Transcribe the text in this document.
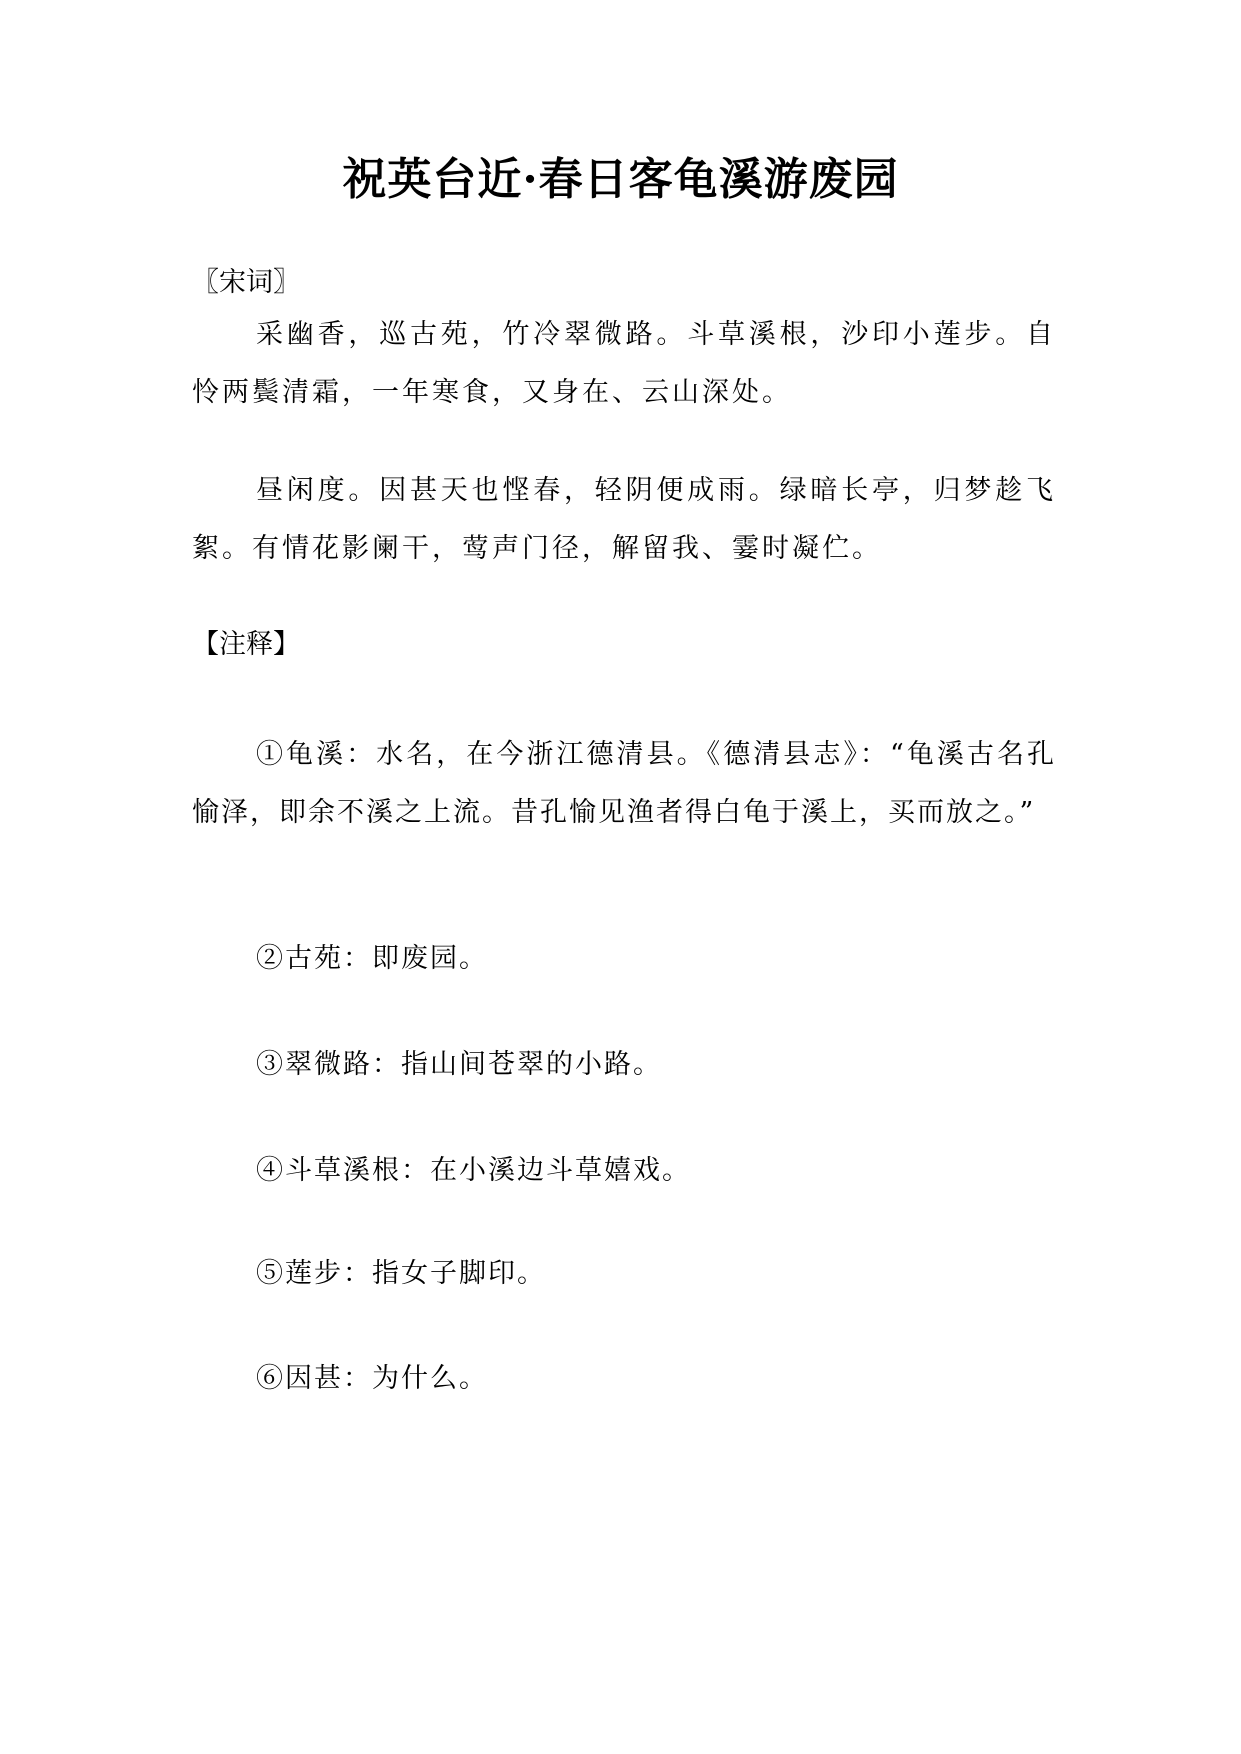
祝英台近·春日客龟溪游废园

〖宋词〗

采幽香，巡古苑，竹冷翠微路。斗草溪根，沙印小莲步。自怜两鬓清霜，一年寒食，又身在、云山深处。

昼闲度。因甚天也悭春，轻阴便成雨。绿暗长亭，归梦趁飞絮。有情花影阑干，莺声门径，解留我、霎时凝伫。

【注释】

①龟溪：水名，在今浙江德清县。《德清县志》：“龟溪古名孔愉泽，即余不溪之上流。昔孔愉见渔者得白龟于溪上，买而放之。”

②古苑：即废园。

③翠微路：指山间苍翠的小路。

④斗草溪根：在小溪边斗草嬉戏。

⑤莲步：指女子脚印。

⑥因甚：为什么。
